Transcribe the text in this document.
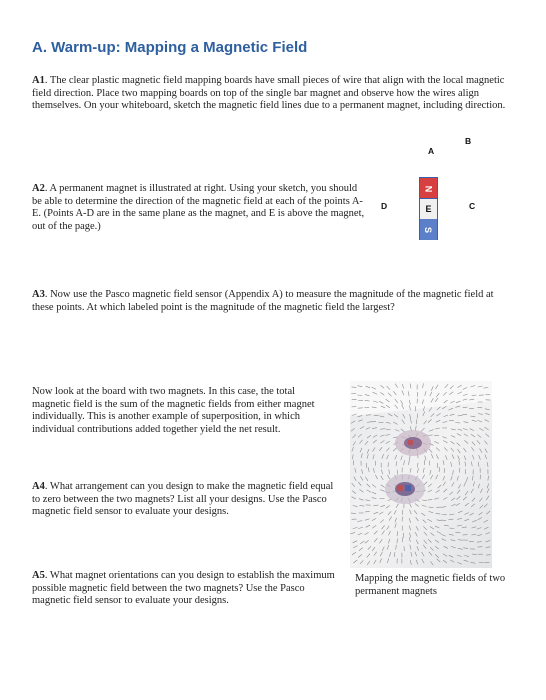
A. Warm-up: Mapping a Magnetic Field

A1. The clear plastic magnetic field mapping boards have small pieces of wire that align with the local magnetic field direction. Place two mapping boards on top of the single bar magnet and observe how the wires align themselves. On your whiteboard, sketch the magnetic field lines due to a permanent magnet, including direction.

A2. A permanent magnet is illustrated at right. Using your sketch, you should be able to determine the direction of the magnetic field at each of the points A-E. (Points A-D are in the same plane as the magnet, and E is above the magnet, out of the page.)

A
B
C
D
N
E
S

A3. Now use the Pasco magnetic field sensor (Appendix A) to measure the magnitude of the magnetic field at these points. At which labeled point is the magnitude of the magnetic field the largest?

Now look at the board with two magnets. In this case, the total magnetic field is the sum of the magnetic fields from either magnet individually. This is another example of superposition, in which individual contributions added together yield the net result.

A4. What arrangement can you design to make the magnetic field equal to zero between the two magnets? List all your designs. Use the Pasco magnetic field sensor to evaluate your designs.

A5. What magnet orientations can you design to establish the maximum possible magnetic field between the two magnets? Use the Pasco magnetic field sensor to evaluate your designs.

Mapping the magnetic fields of two permanent magnets
